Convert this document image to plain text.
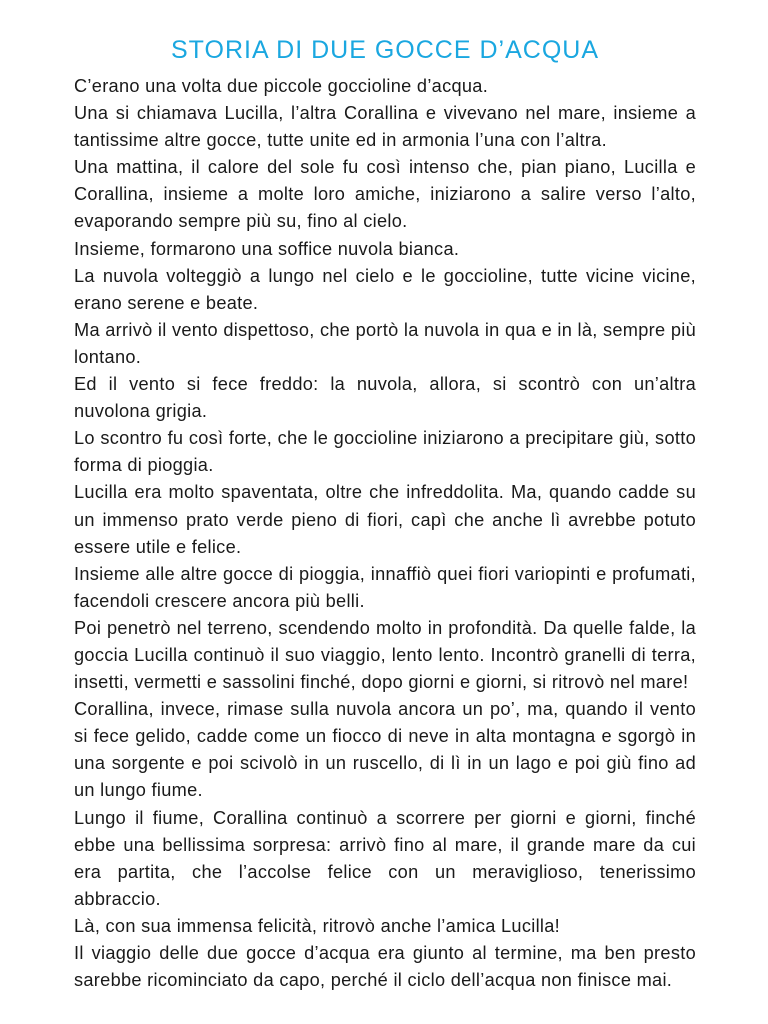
STORIA DI DUE GOCCE D’ACQUA

C’erano una volta due piccole goccioline d’acqua.

Una si chiamava Lucilla, l’altra Corallina e vivevano nel mare, insieme a tantissime altre gocce, tutte unite ed in armonia l’una con l’altra.

Una mattina, il calore del sole fu così intenso che, pian piano, Lucilla e Corallina, insieme a molte loro amiche, iniziarono a salire verso l’alto, evaporando sempre più su, fino al cielo.

Insieme, formarono una soffice nuvola bianca.

La nuvola volteggiò a lungo nel cielo e le goccioline, tutte vicine vicine, erano serene e beate.

Ma arrivò il vento dispettoso, che portò la nuvola in qua e in là, sempre più lontano.

Ed il vento si fece freddo: la nuvola, allora, si scontrò con un’altra nuvolona grigia.

Lo scontro fu così forte, che le goccioline iniziarono a precipitare giù, sotto forma di pioggia.

Lucilla era molto spaventata, oltre che infreddolita. Ma, quando cadde su un immenso prato verde pieno di fiori, capì che anche lì avrebbe potuto essere utile e felice.

Insieme alle altre gocce di pioggia, innaffiò quei fiori variopinti e profumati, facendoli crescere ancora più belli.

Poi penetrò nel terreno, scendendo molto in profondità. Da quelle falde, la goccia Lucilla continuò il suo viaggio, lento lento. Incontrò granelli di terra, insetti, vermetti e sassolini finché, dopo giorni e giorni, si ritrovò nel mare!

Corallina, invece, rimase sulla nuvola ancora un po’, ma, quando il vento si fece gelido, cadde come un fiocco di neve in alta montagna e sgorgò in una sorgente e poi scivolò in un ruscello, di lì in un lago e poi giù fino ad un lungo fiume.

Lungo il fiume, Corallina continuò a scorrere per giorni e giorni, finché ebbe una bellissima sorpresa: arrivò fino al mare, il grande mare da cui era partita, che l’accolse felice con un meraviglioso, tenerissimo abbraccio.

Là, con sua immensa felicità, ritrovò anche l’amica Lucilla!

Il viaggio delle due gocce d’acqua era giunto al termine, ma ben presto sarebbe ricominciato da capo, perché il ciclo dell’acqua non finisce mai.
